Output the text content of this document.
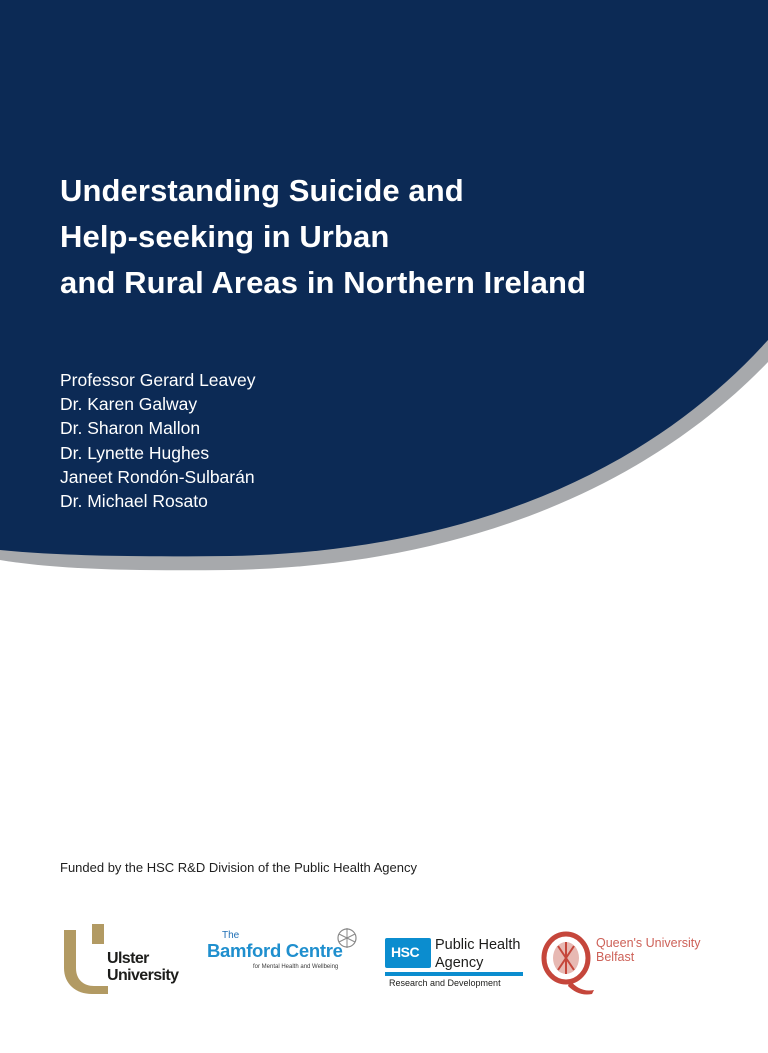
Understanding Suicide and
Help-seeking in Urban
and Rural Areas in Northern Ireland
Professor Gerard Leavey
Dr. Karen Galway
Dr. Sharon Mallon
Dr. Lynette Hughes
Janeet Rondón-Sulbarán
Dr. Michael Rosato

Funded by the HSC R&D Division of the Public Health Agency

Ulster
University
The
Bamford Centre
for Mental Health and Wellbeing
HSC Public Health
Agency
Research and Development
Queen's University
Belfast
